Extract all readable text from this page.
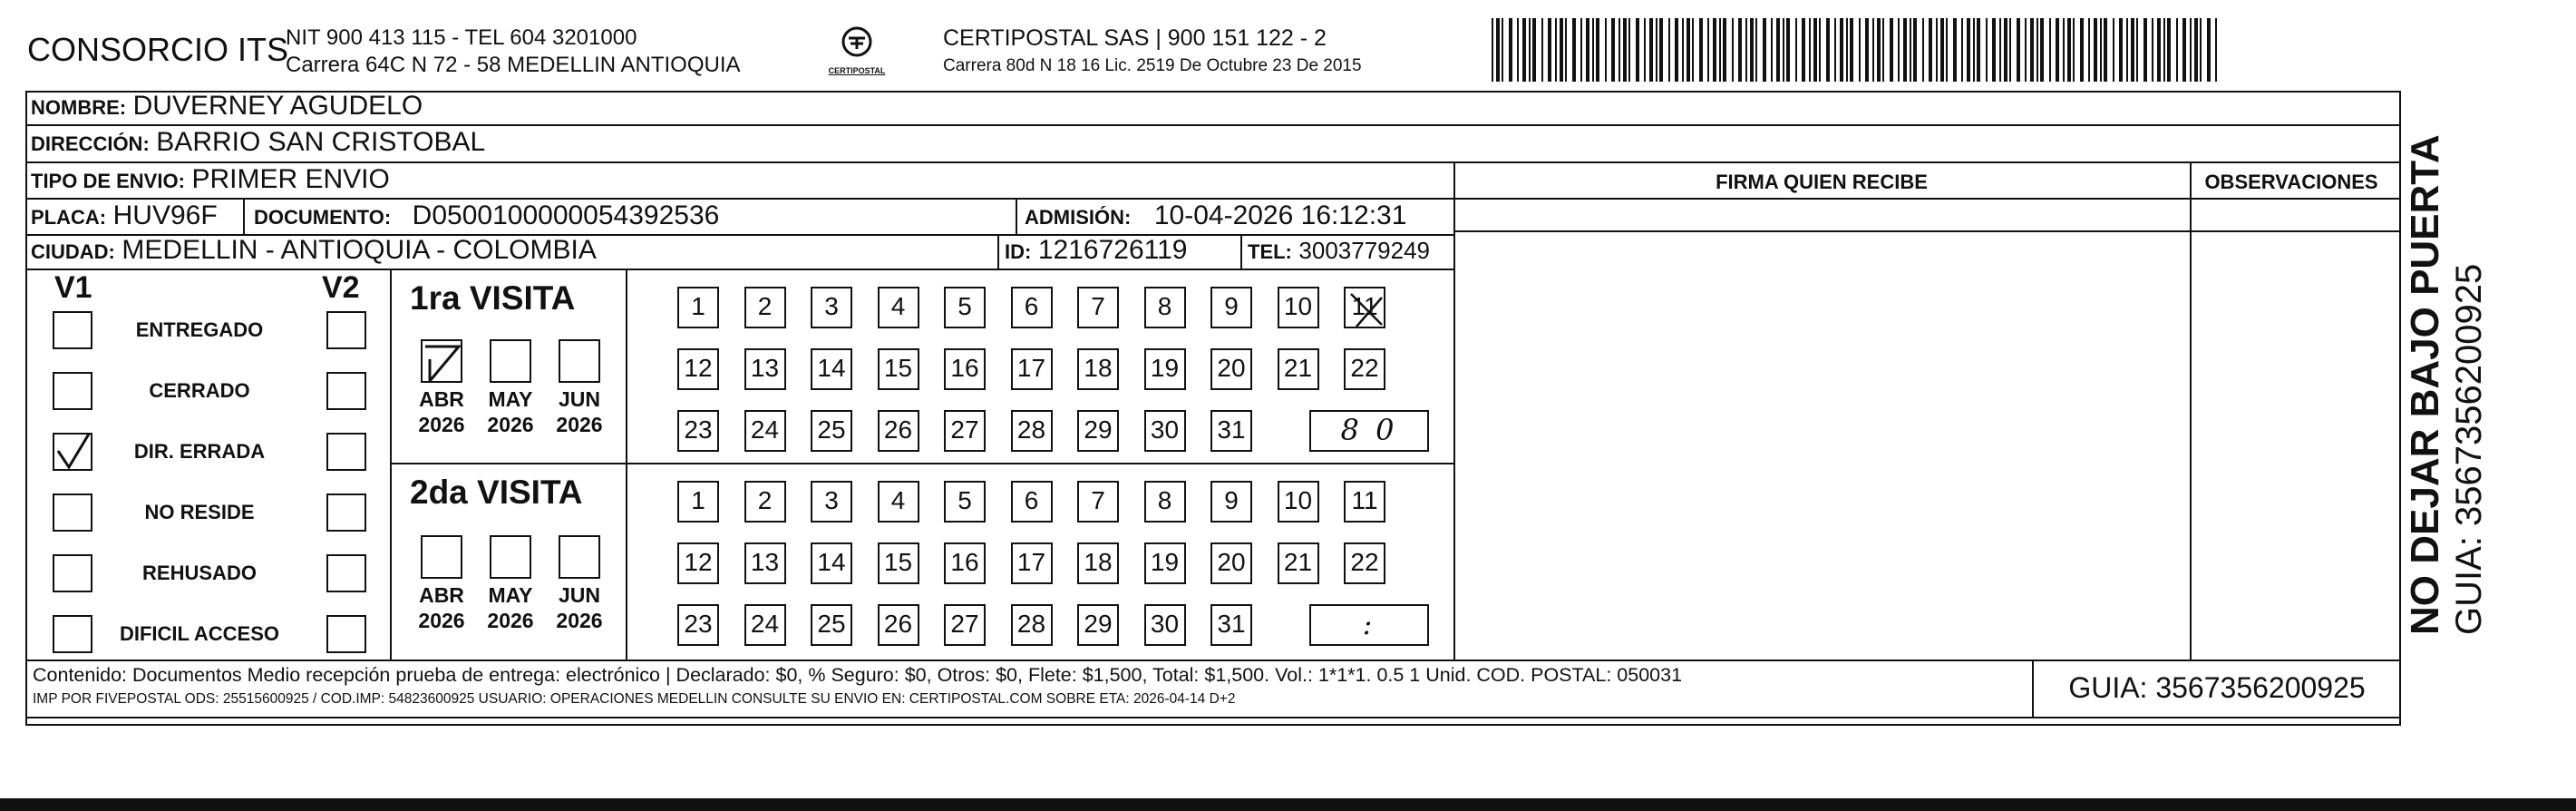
CONSORCIO ITS
NIT 900 413 115 - TEL 604 3201000
Carrera 64C N 72 - 58 MEDELLIN ANTIOQUIA	CERTIPOSTAL
CERTIPOSTAL SAS | 900 151 122 - 2
Carrera 80d N 18 16 Lic. 2519 De Octubre 23 De 2015
NOMBRE: DUVERNEY AGUDELO
DIRECCIÓN: BARRIO SAN CRISTOBAL
TIPO DE ENVIO: PRIMER ENVIO
PLACA: HUV96F DOCUMENTO: D0500100000054392536	ADMISIÓN: 10-04-2026 16:12:31
CIUDAD: MEDELLIN - ANTIOQUIA - COLOMBIA	ID: 1216726119	TEL: 3003779249
FIRMA QUIEN RECIBE	OBSERVACIONES
V1	V2
ENTREGADO
CERRADO
DIR. ERRADA
NO RESIDE
REHUSADO
DIFICIL ACCESO
1ra VISITA
ABR
2026
MAY
2026
JUN
2026
1	2	3	4	5	6	7	8	9	10	11
12 13 14 15 16 17 18 19 20 21 22
23 24 25 26 27 28 29 30 31	8 0
2da VISITA
ABR
2026
MAY
2026
JUN
2026
1	2	3	4	5	6	7	8	9	10	11
12 13 14 15 16 17 18 19 20 21 22
23 24 25 26 27 28 29 30 31	:
Contenido: Documentos Medio recepción prueba de entrega: electrónico | Declarado: $0, % Seguro: $0, Otros: $0, Flete: $1,500, Total: $1,500. Vol.: 1*1*1. 0.5 1 Unid. COD. POSTAL: 050031
IMP POR FIVEPOSTAL ODS: 25515600925 / COD.IMP: 54823600925 USUARIO: OPERACIONES MEDELLIN CONSULTE SU ENVIO EN: CERTIPOSTAL.COM SOBRE ETA: 2026-04-14 D+2	GUIA: 3567356200925
NO DEJAR BAJO PUERTA GUIA: 3567356200925
